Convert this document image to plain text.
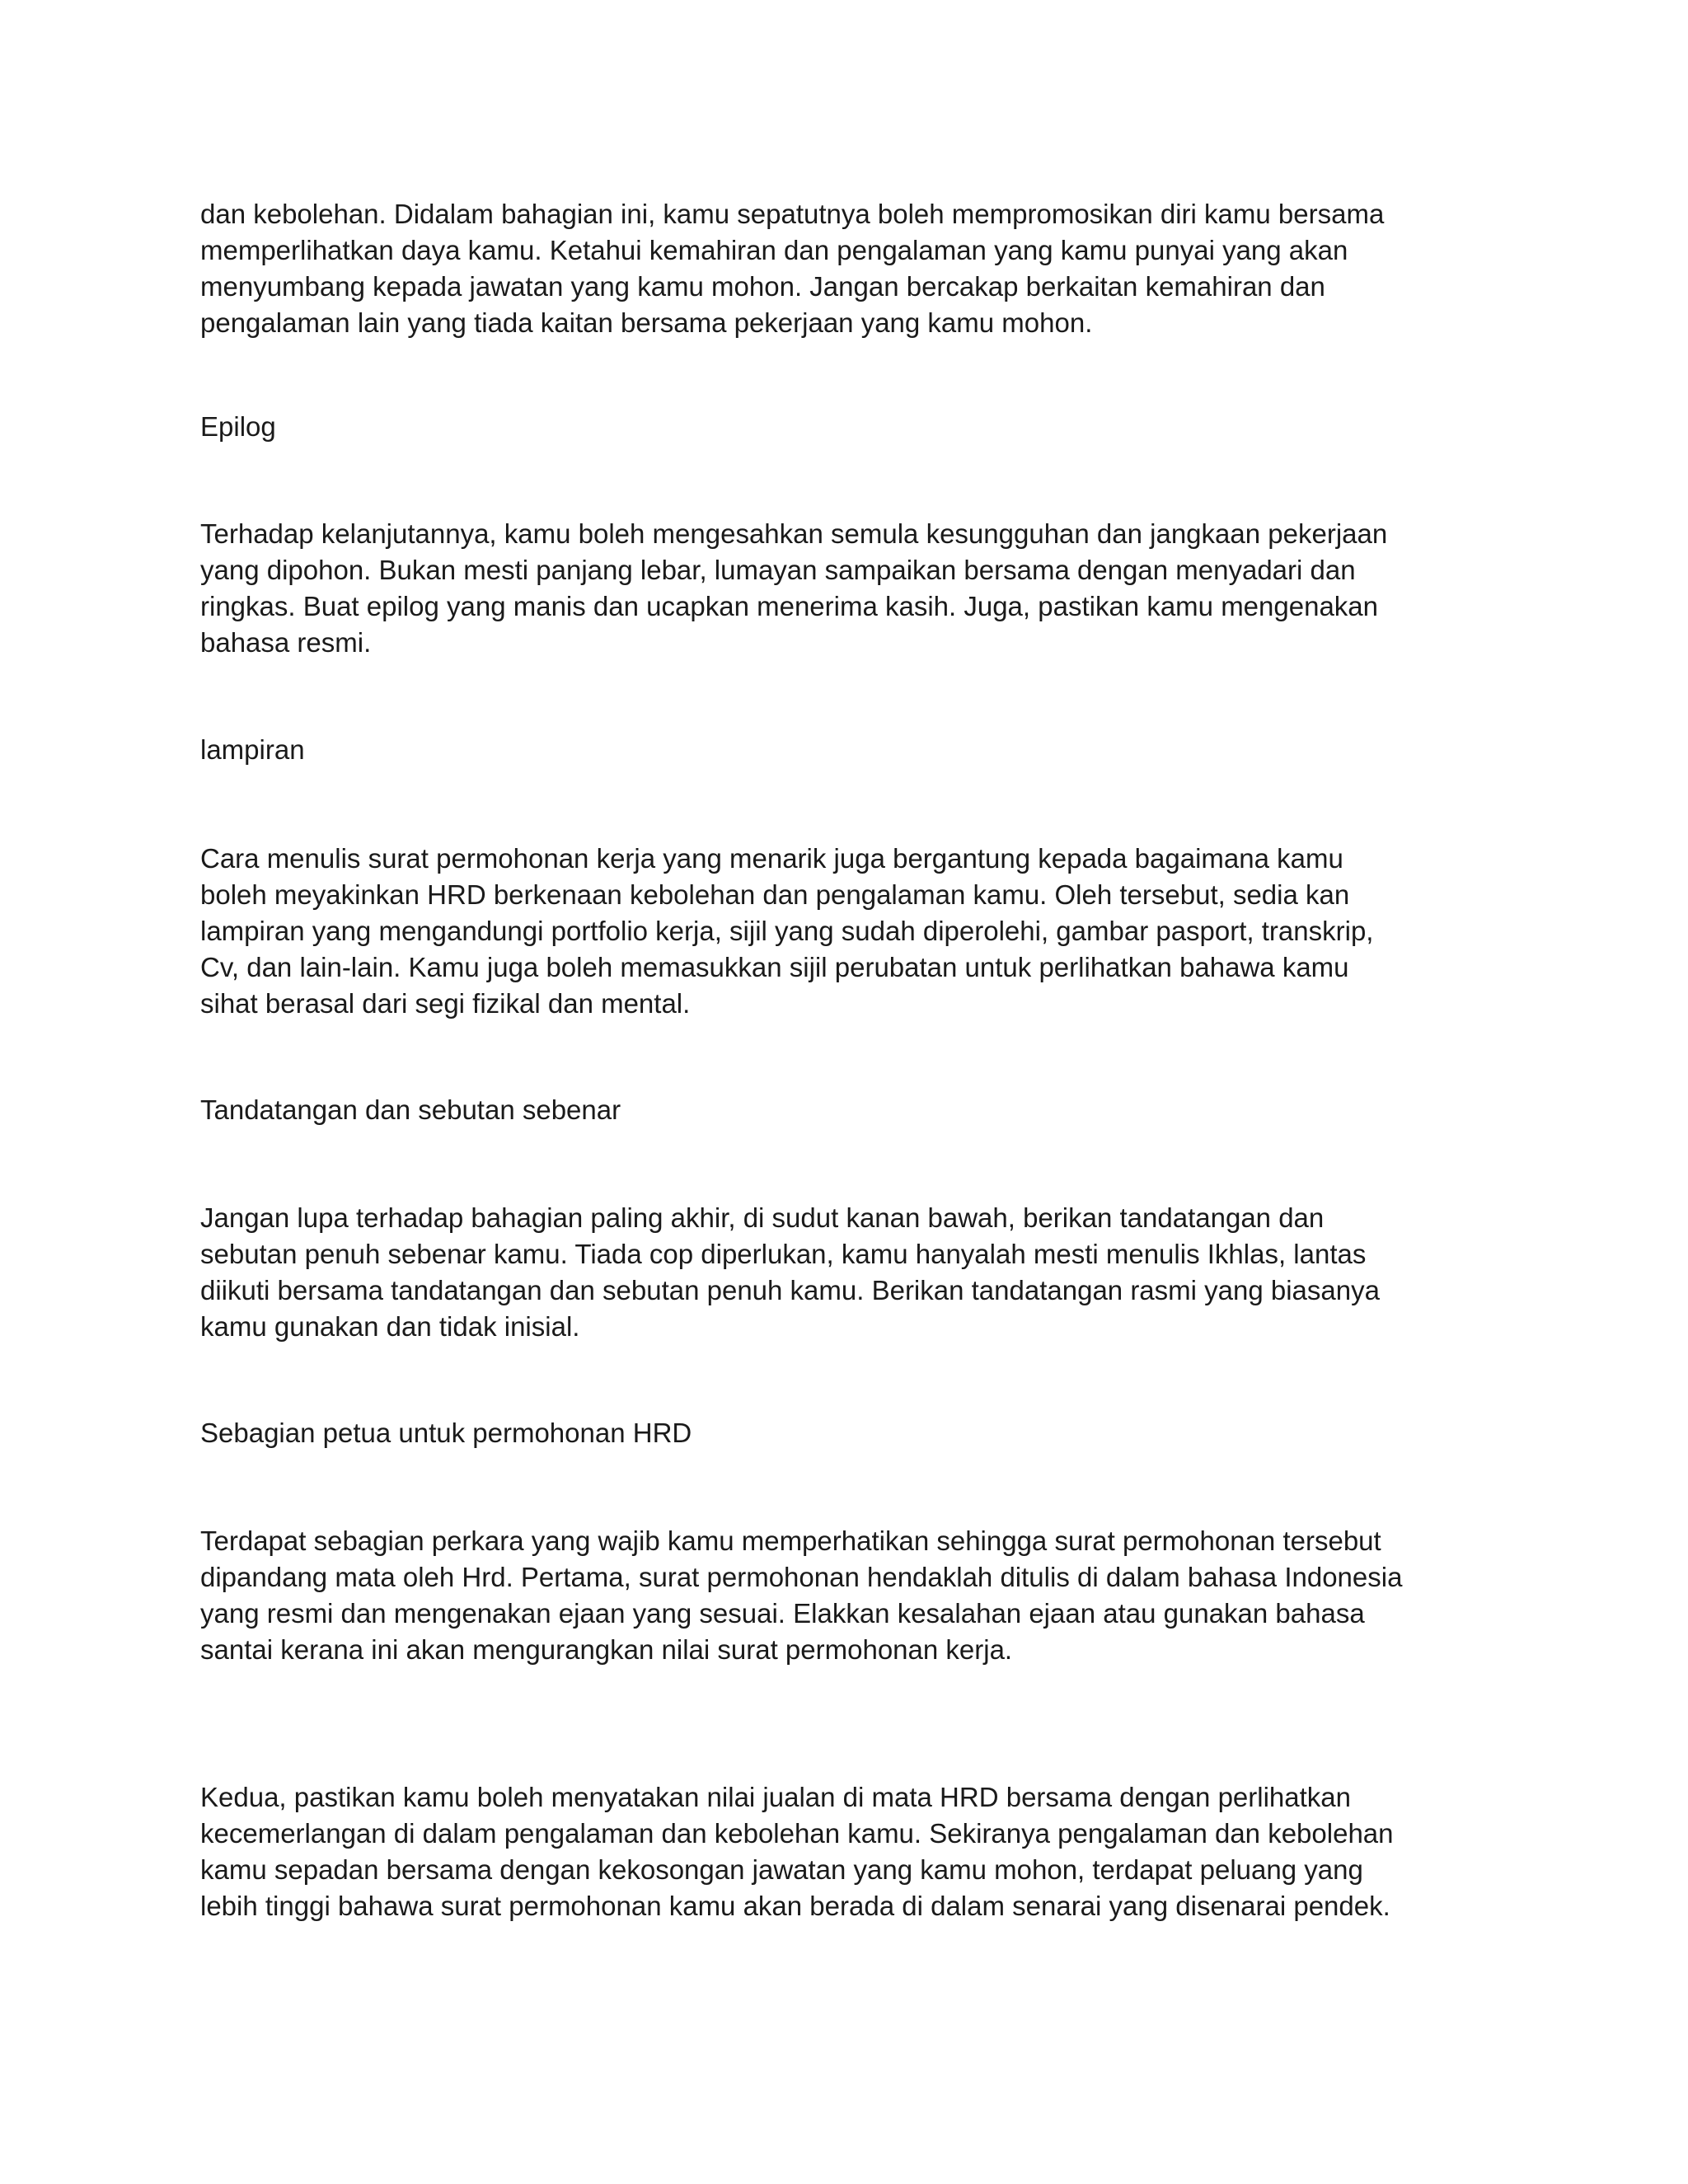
dan kebolehan. Didalam bahagian ini, kamu sepatutnya boleh mempromosikan diri kamu bersama
memperlihatkan daya kamu. Ketahui kemahiran dan pengalaman yang kamu punyai yang akan
menyumbang kepada jawatan yang kamu mohon. Jangan bercakap berkaitan kemahiran dan
pengalaman lain yang tiada kaitan bersama pekerjaan yang kamu mohon.

Epilog

Terhadap kelanjutannya, kamu boleh mengesahkan semula kesungguhan dan jangkaan pekerjaan
yang dipohon. Bukan mesti panjang lebar, lumayan sampaikan bersama dengan menyadari dan
ringkas. Buat epilog yang manis dan ucapkan menerima kasih. Juga, pastikan kamu mengenakan
bahasa resmi.

lampiran

Cara menulis surat permohonan kerja yang menarik juga bergantung kepada bagaimana kamu
boleh meyakinkan HRD berkenaan kebolehan dan pengalaman kamu. Oleh tersebut, sedia kan
lampiran yang mengandungi portfolio kerja, sijil yang sudah diperolehi, gambar pasport, transkrip,
Cv, dan lain-lain. Kamu juga boleh memasukkan sijil perubatan untuk perlihatkan bahawa kamu
sihat berasal dari segi fizikal dan mental.

Tandatangan dan sebutan sebenar

Jangan lupa terhadap bahagian paling akhir, di sudut kanan bawah, berikan tandatangan dan
sebutan penuh sebenar kamu. Tiada cop diperlukan, kamu hanyalah mesti menulis Ikhlas, lantas
diikuti bersama tandatangan dan sebutan penuh kamu. Berikan tandatangan rasmi yang biasanya
kamu gunakan dan tidak inisial.

Sebagian petua untuk permohonan HRD

Terdapat sebagian perkara yang wajib kamu memperhatikan sehingga surat permohonan tersebut
dipandang mata oleh Hrd. Pertama, surat permohonan hendaklah ditulis di dalam bahasa Indonesia
yang resmi dan mengenakan ejaan yang sesuai. Elakkan kesalahan ejaan atau gunakan bahasa
santai kerana ini akan mengurangkan nilai surat permohonan kerja.

Kedua, pastikan kamu boleh menyatakan nilai jualan di mata HRD bersama dengan perlihatkan
kecemerlangan di dalam pengalaman dan kebolehan kamu. Sekiranya pengalaman dan kebolehan
kamu sepadan bersama dengan kekosongan jawatan yang kamu mohon, terdapat peluang yang
lebih tinggi bahawa surat permohonan kamu akan berada di dalam senarai yang disenarai pendek.
